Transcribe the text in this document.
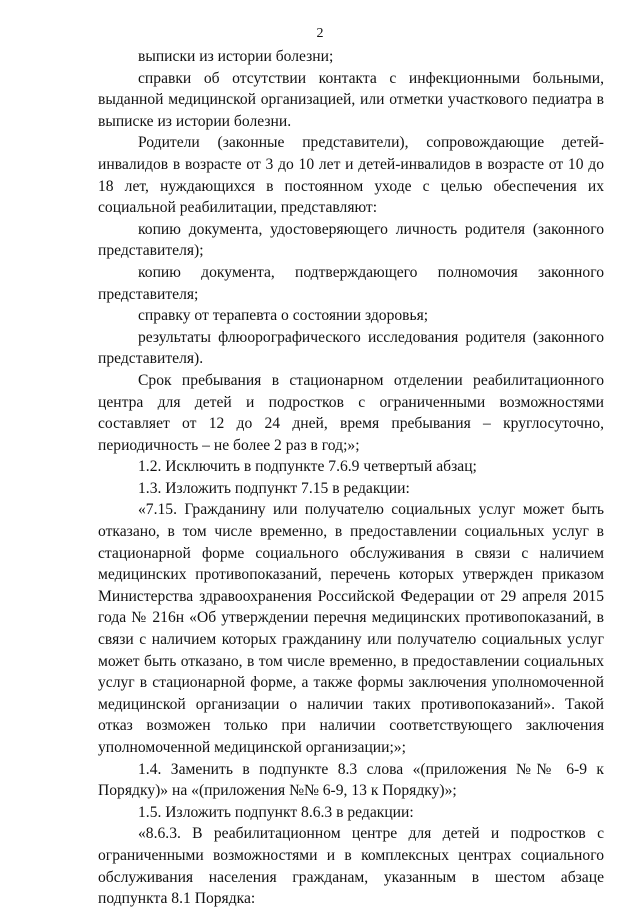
2

выписки из истории болезни;

справки об отсутствии контакта с инфекционными больными, выданной медицинской организацией, или отметки участкового педиатра в выписке из истории болезни.

Родители (законные представители), сопровождающие детей-инвалидов в возрасте от 3 до 10 лет и детей-инвалидов в возрасте от 10 до 18 лет, нуждающихся в постоянном уходе с целью обеспечения их социальной реабилитации, представляют:

копию документа, удостоверяющего личность родителя (законного представителя);

копию документа, подтверждающего полномочия законного представителя;

справку от терапевта о состоянии здоровья;

результаты флюорографического исследования родителя (законного представителя).

Срок пребывания в стационарном отделении реабилитационного центра для детей и подростков с ограниченными возможностями составляет от 12 до 24 дней, время пребывания – круглосуточно, периодичность – не более 2 раз в год;»;

1.2. Исключить в подпункте 7.6.9 четвертый абзац;

1.3. Изложить подпункт 7.15 в редакции:

«7.15. Гражданину или получателю социальных услуг может быть отказано, в том числе временно, в предоставлении социальных услуг в стационарной форме социального обслуживания в связи с наличием медицинских противопоказаний, перечень которых утвержден приказом Министерства здравоохранения Российской Федерации от 29 апреля 2015 года № 216н «Об утверждении перечня медицинских противопоказаний, в связи с наличием которых гражданину или получателю социальных услуг может быть отказано, в том числе временно, в предоставлении социальных услуг в стационарной форме, а также формы заключения уполномоченной медицинской организации о наличии таких противопоказаний». Такой отказ возможен только при наличии соответствующего заключения уполномоченной медицинской организации;»;

1.4. Заменить в подпункте 8.3 слова «(приложения №№ 6-9 к Порядку)» на «(приложения №№ 6-9, 13 к Порядку)»;

1.5. Изложить подпункт 8.6.3 в редакции:

«8.6.3. В реабилитационном центре для детей и подростков с ограниченными возможностями и в комплексных центрах социального обслуживания населения гражданам, указанным в шестом абзаце подпункта 8.1 Порядка:
